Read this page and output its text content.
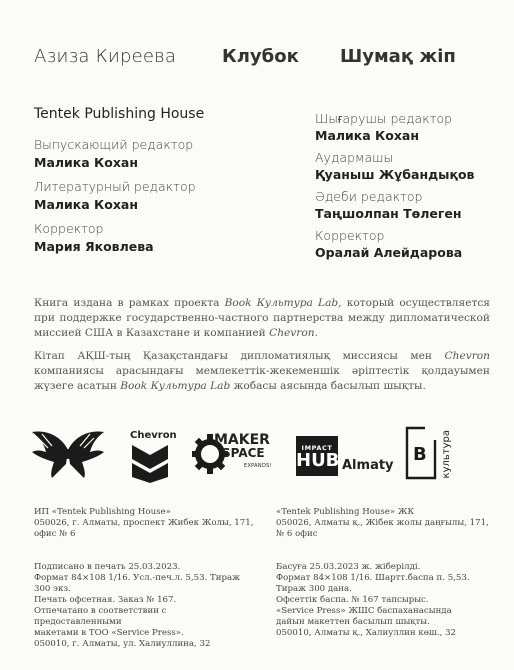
Азиза Киреева	Клубок Шумақ жіп
Tentek Publishing House
Выпускающий редактор
Малика Кохан
Литературный редактор
Малика Кохан
Корректор
Мария Яковлева
Шығарушы редактор
Малика Кохан
Аудармашы
Қуаныш Жұбандықов
Әдеби редактор
Таңшолпан Төлеген
Корректор
Оралай Алейдарова
Книга издана в рамках проекта Book Культура Lab, который осуществляется при поддержке государственно-частного партнерства между дипломатической миссией США в Казахстане и компанией Chevron.
Кітап АҚШ-тың Қазақстандағы дипломатиялық миссиясы мен Chevron компаниясы арасындағы мемлекеттік-жекеменшік әріптестік қолдауымен жүзеге асатын Book Культура Lab жобасы аясында басылып шықты.
Chevron	MAKER
SPACE
EXPANDS!
IMPACT
HUB Almaty
B культура
ИП «Tentek Publishing House»
050026, г. Алматы, проспект Жибек Жолы, 171,
офис № 6
«Tentek Publishing House» ЖК
050026, Алматы қ., Жібек жолы даңғылы, 171,
№ 6 офис
Подписано в печать 25.03.2023.
Формат 84×108 1/16. Усл.-печ.л. 5,53. Тираж 300 экз.
Печать офсетная. Заказ № 167.
Отпечатано в соответствии с предоставленными
макетами в ТОО «Service Press».
050010, г. Алматы, ул. Халиуллина, 32
Басуға 25.03.2023 ж. жіберілді.
Формат 84×108 1/16. Шартт.баспа п. 5,53. Тираж 300 дана.
Офсеттік баспа. № 167 тапсырыс.
«Service Press» ЖШС баспаханасында
дайын макеттен басылып шықты.
050010, Алматы қ., Халиуллин көш., 32
